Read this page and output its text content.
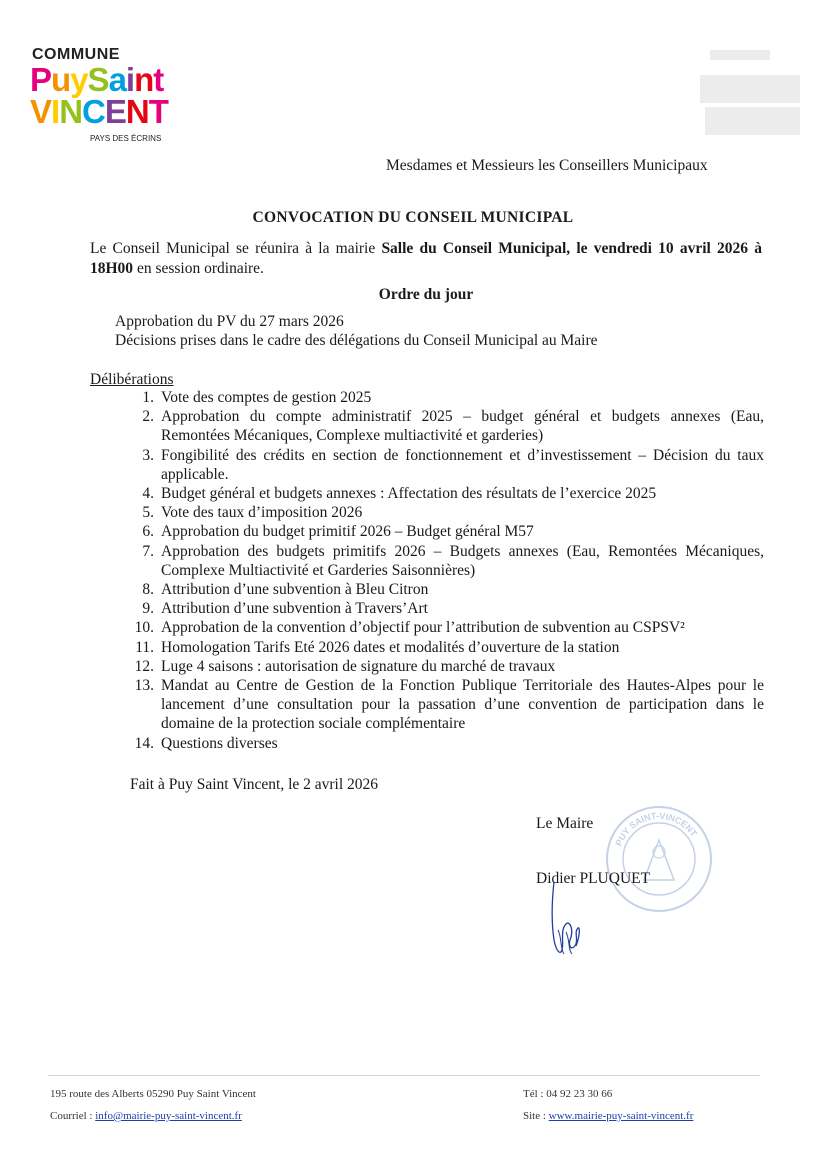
COMMUNE
PuySaint
VINCENT
PAYS DES ÉCRINS
Mesdames et Messieurs les Conseillers Municipaux
CONVOCATION DU CONSEIL MUNICIPAL
Le Conseil Municipal se réunira à la mairie Salle du Conseil Municipal, le vendredi 10 avril 2026 à 18H00 en session ordinaire.
Ordre du jour
Approbation du PV du 27 mars 2026
Décisions prises dans le cadre des délégations du Conseil Municipal au Maire
Délibérations
1. Vote des comptes de gestion 2025
2. Approbation du compte administratif 2025 – budget général et budgets annexes (Eau, Remontées Mécaniques, Complexe multiactivité et garderies)
3. Fongibilité des crédits en section de fonctionnement et d’investissement – Décision du taux applicable.
4. Budget général et budgets annexes : Affectation des résultats de l’exercice 2025
5. Vote des taux d’imposition 2026
6. Approbation du budget primitif 2026 – Budget général M57
7. Approbation des budgets primitifs 2026 – Budgets annexes (Eau, Remontées Mécaniques, Complexe Multiactivité et Garderies Saisonnières)
8. Attribution d’une subvention à Bleu Citron
9. Attribution d’une subvention à Travers’Art
10. Approbation de la convention d’objectif pour l’attribution de subvention au CSPSV²
11. Homologation Tarifs Eté 2026 dates et modalités d’ouverture de la station
12. Luge 4 saisons : autorisation de signature du marché de travaux
13. Mandat au Centre de Gestion de la Fonction Publique Territoriale des Hautes-Alpes pour le lancement d’une consultation pour la passation d’une convention de participation dans le domaine de la protection sociale complémentaire
14. Questions diverses
Fait à Puy Saint Vincent, le 2 avril 2026
PUY SAINT-VINCENT
Le Maire
Didier PLUQUET
195 route des Alberts 05290 Puy Saint Vincent	Tél : 04 92 23 30 66
Courriel : info@mairie-puy-saint-vincent.fr	Site : www.mairie-puy-saint-vincent.fr
